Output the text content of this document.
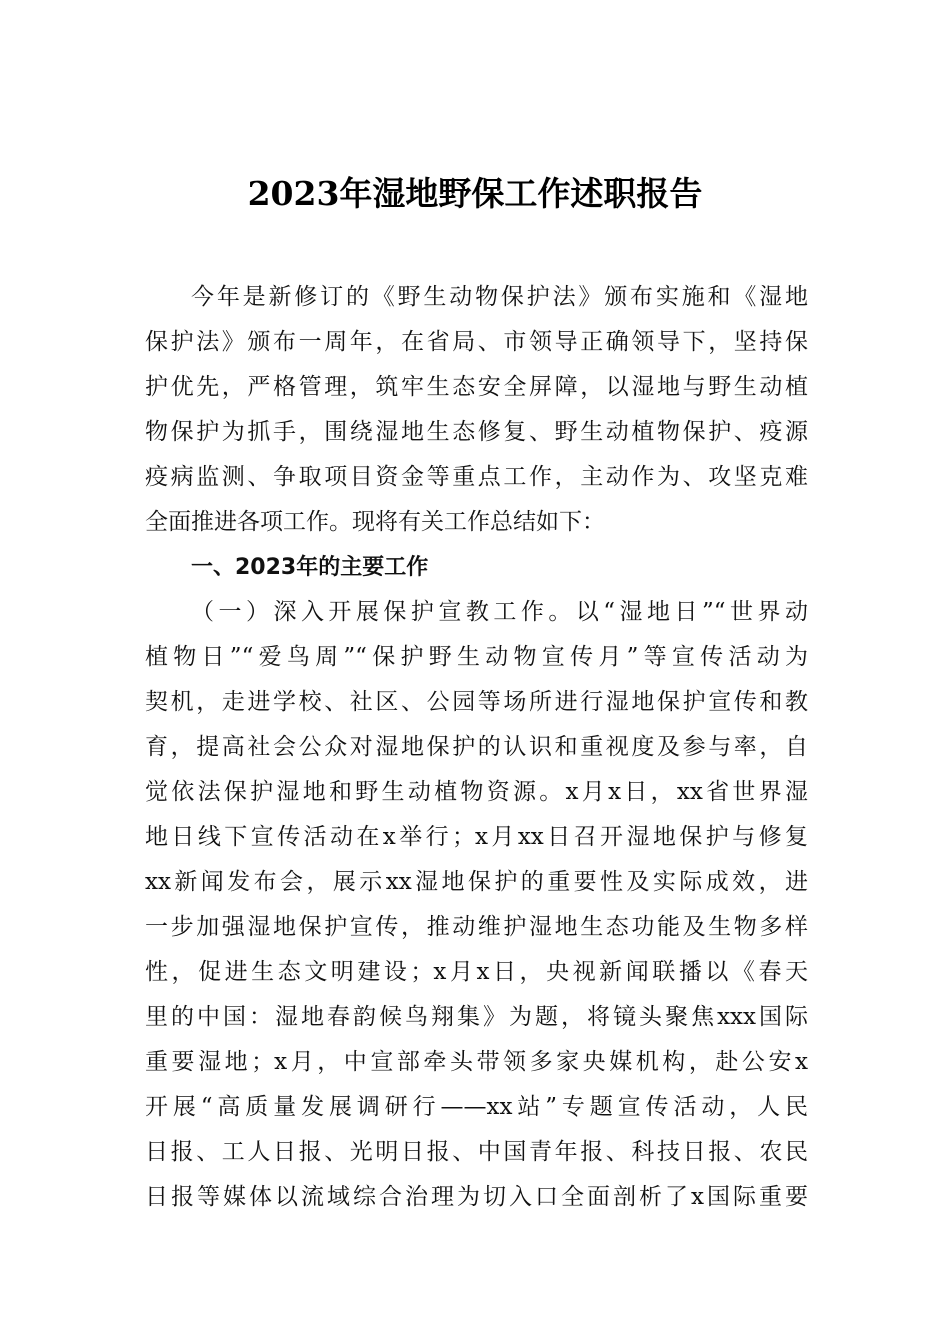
2023年湿地野保工作述职报告
今年是新修订的《野生动物保护法》颁布实施和《湿地
保护法》颁布一周年，在省局、市领导正确领导下，坚持保
护优先，严格管理，筑牢生态安全屏障，以湿地与野生动植
物保护为抓手，围绕湿地生态修复、野生动植物保护、疫源
疫病监测、争取项目资金等重点工作，主动作为、攻坚克难
全面推进各项工作。现将有关工作总结如下：
一、2023年的主要工作
（一）深入开展保护宣教工作。以“湿地日”“世界动
植物日”“爱鸟周”“保护野生动物宣传月”等宣传活动为
契机，走进学校、社区、公园等场所进行湿地保护宣传和教
育，提高社会公众对湿地保护的认识和重视度及参与率，自
觉依法保护湿地和野生动植物资源。x月x日，xx省世界湿
地日线下宣传活动在x举行；x月xx日召开湿地保护与修复
xx新闻发布会，展示xx湿地保护的重要性及实际成效，进
一步加强湿地保护宣传，推动维护湿地生态功能及生物多样
性，促进生态文明建设；x月x日，央视新闻联播以《春天
里的中国：湿地春韵候鸟翔集》为题，将镜头聚焦xxx国际
重要湿地；x月，中宣部牵头带领多家央媒机构，赴公安x
开展“高质量发展调研行——xx站”专题宣传活动，人民
日报、工人日报、光明日报、中国青年报、科技日报、农民
日报等媒体以流域综合治理为切入口全面剖析了x国际重要
